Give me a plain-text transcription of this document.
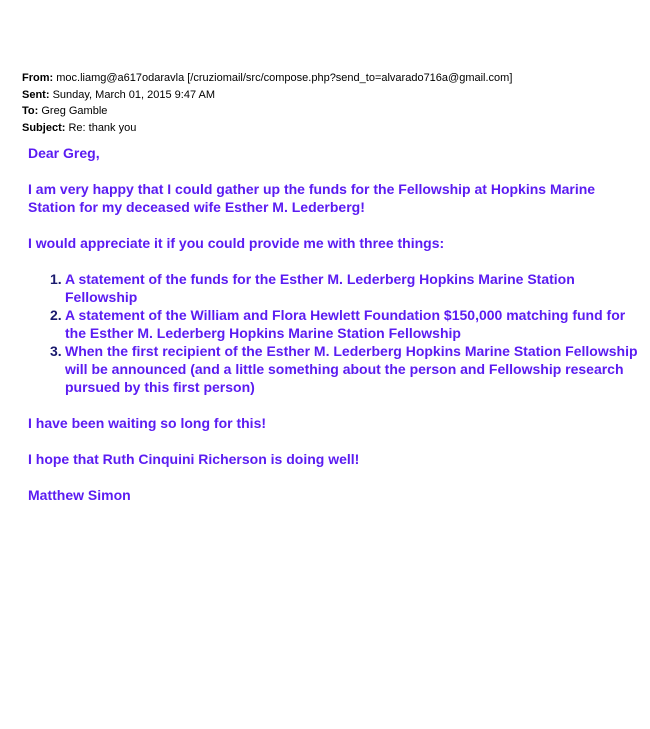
From: moc.liamg@a617odaravla [/cruziomail/src/compose.php?send_to=alvarado716a@gmail.com]
Sent: Sunday, March 01, 2015 9:47 AM
To: Greg Gamble
Subject: Re: thank you

Dear Greg,

I am very happy that I could gather up the funds for the Fellowship at Hopkins Marine Station for my deceased wife Esther M. Lederberg!

I would appreciate it if you could provide me with three things:

1. A statement of the funds for the Esther M. Lederberg Hopkins Marine Station Fellowship
2. A statement of the William and Flora Hewlett Foundation $150,000 matching fund for the Esther M. Lederberg Hopkins Marine Station Fellowship
3. When the first recipient of the Esther M. Lederberg Hopkins Marine Station Fellowship will be announced (and a little something about the person and Fellowship research pursued by this first person)

I have been waiting so long for this!

I hope that Ruth Cinquini Richerson is doing well!

Matthew Simon
